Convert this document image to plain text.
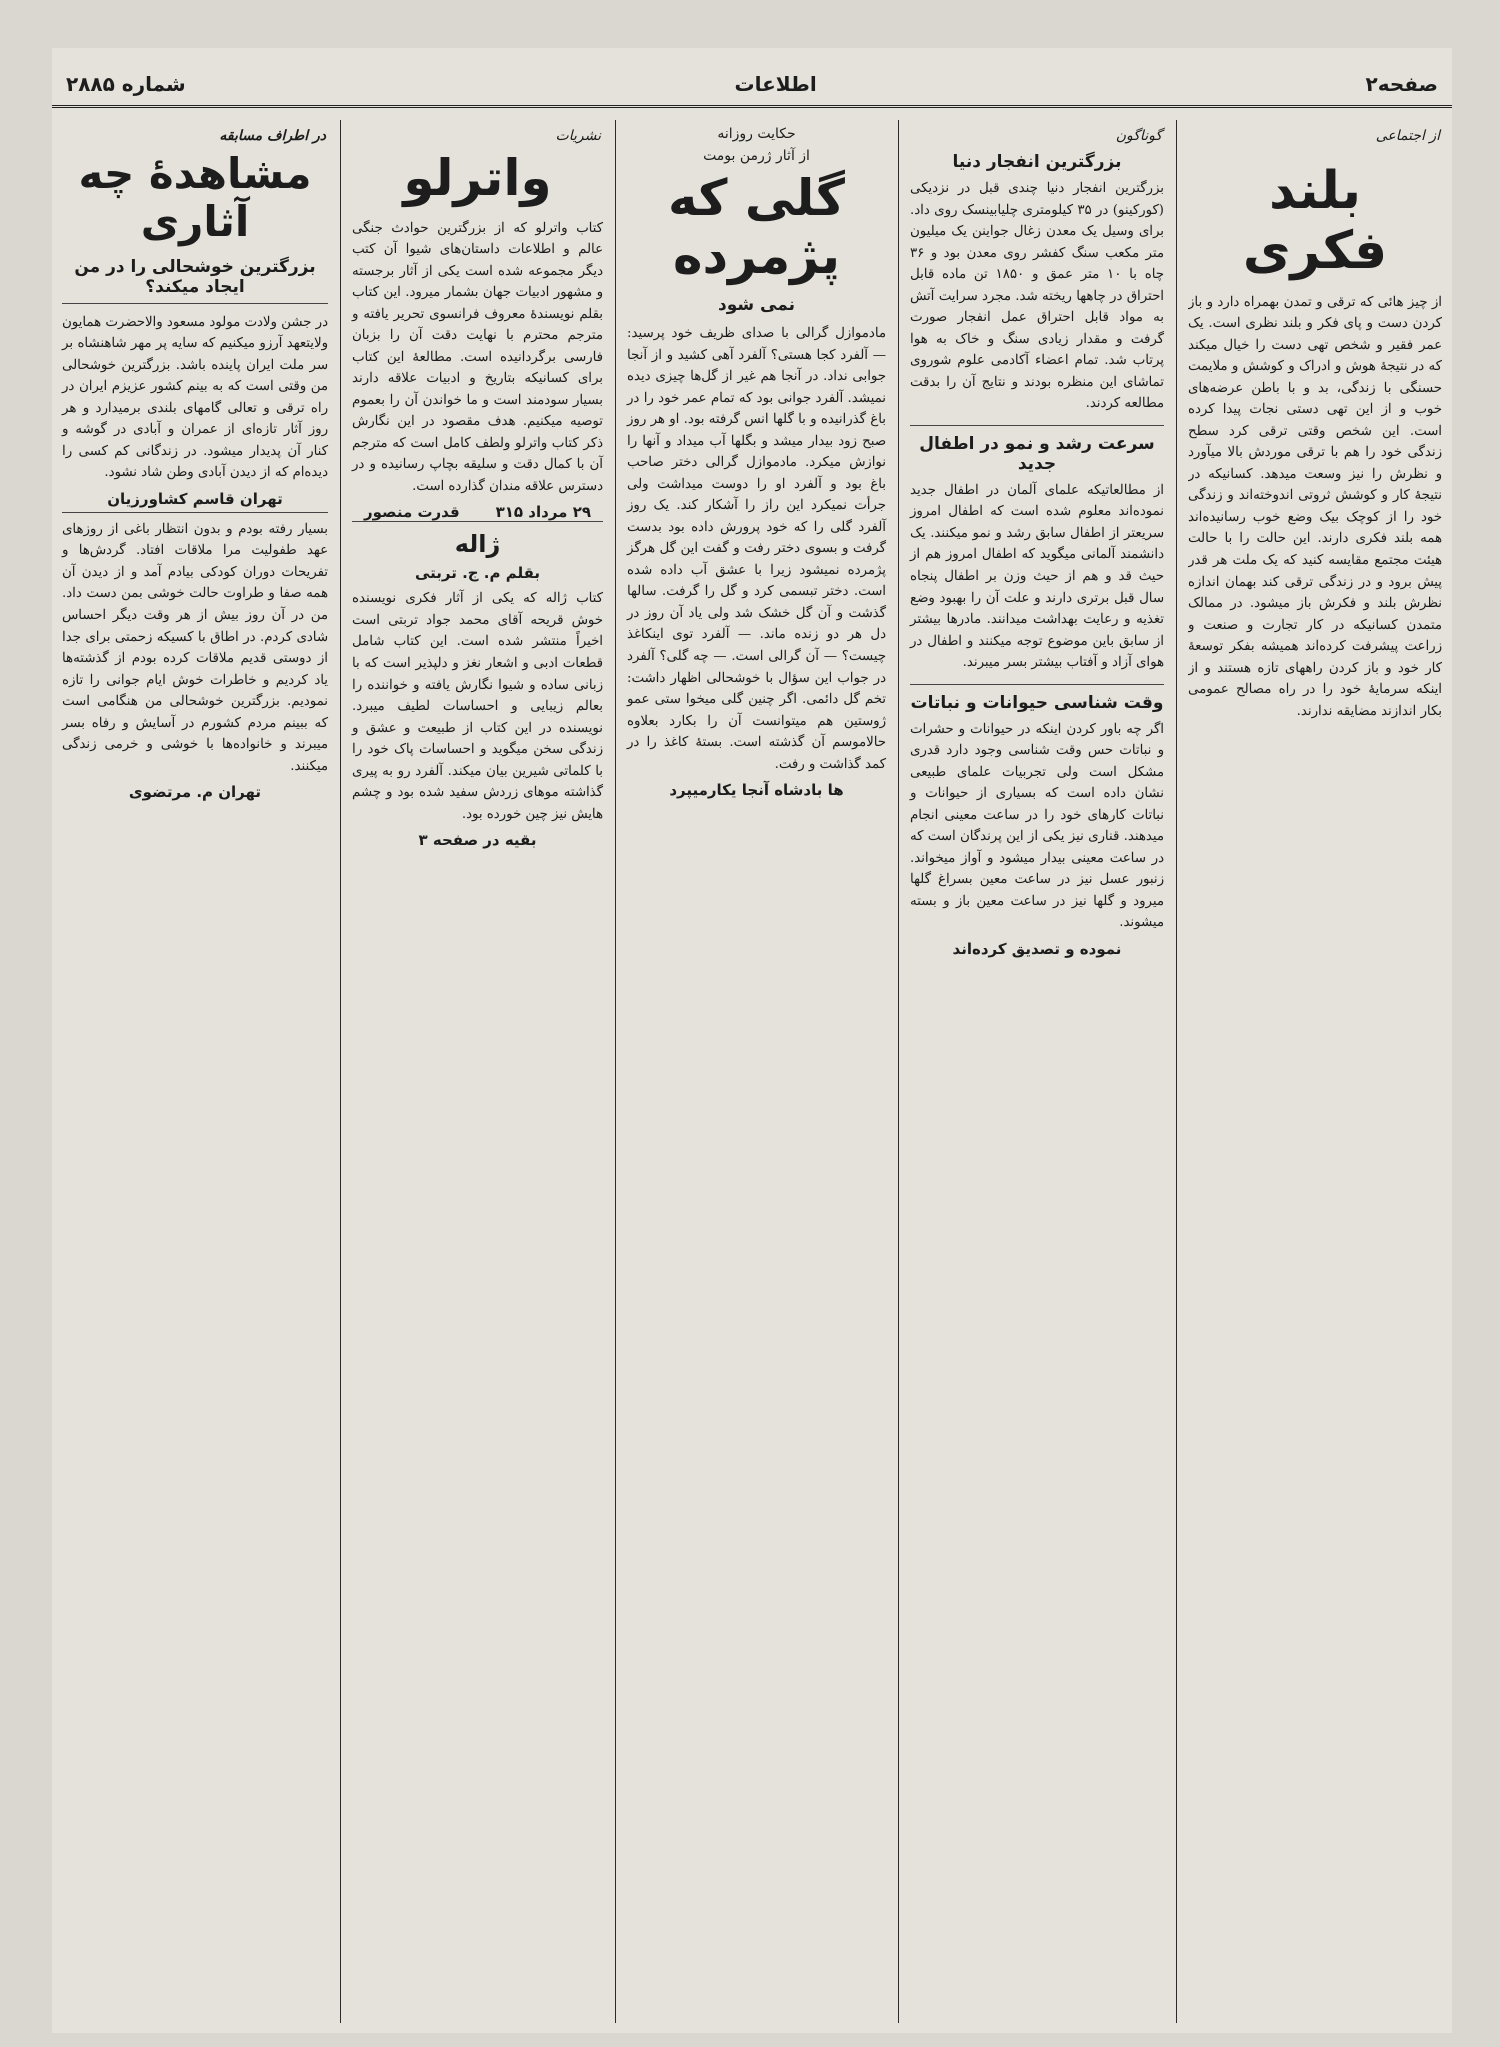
صفحه۲
اطلاعات
شماره ۲۸۸۵
از اجتماعی
بلند فکری
از چیز هائی که ترقی و تمدن بهمراه دارد و باز کردن دست و پای فکر و بلند نظری است. یک عمر فقیر و شخص تهی دست را خیال میکند که در نتیجهٔ هوش و ادراک و کوشش و ملایمت حسنگی با زندگی، بد و با باطن عرضه‌های خوب و از این تهی دستی نجات پیدا کرده است. این شخص وقتی ترقی کرد سطح زندگی خود را هم با ترقی موردش بالا میآورد و نظرش را نیز وسعت میدهد. کسانیکه در نتیجهٔ کار و کوشش ثروتی اندوخته‌اند و زندگی خود را از کوچک بیک وضع خوب رسانیده‌اند همه بلند فکری دارند. این حالت را با حالت هیئت مجتمع مقایسه کنید که یک ملت هر قدر پیش برود و در زندگی ترقی کند بهمان اندازه نظرش بلند و فکرش باز میشود. در ممالک متمدن کسانیکه در کار تجارت و صنعت و زراعت پیشرفت کرده‌اند همیشه بفکر توسعهٔ کار خود و باز کردن راههای تازه هستند و از اینکه سرمایهٔ خود را در راه مصالح عمومی بکار اندازند مضایقه ندارند.
گوناگون
بزرگترین انفجار دنیا
بزرگترین انفجار دنیا چندی قبل در نزدیکی (کورکینو) در ۳۵ کیلومتری چلیابینسک روی داد. برای وسیل یک معدن زغال جواینن یک میلیون متر مکعب سنگ کفشر روی معدن بود و ۳۶ چاه با ۱۰ متر عمق و ۱۸۵۰ تن ماده قابل احتراق در چاهها ریخته شد. مجرد سرایت آتش به مواد قابل احتراق عمل انفجار صورت گرفت و مقدار زیادی سنگ و خاک به هوا پرتاب شد. تمام اعضاء آکادمی علوم شوروی تماشای این منظره بودند و نتایج آن را بدقت مطالعه کردند.
سرعت رشد و نمو در اطفال جدید
از مطالعاتیکه علمای آلمان در اطفال جدید نموده‌اند معلوم شده است که اطفال امروز سریعتر از اطفال سابق رشد و نمو میکنند. یک دانشمند آلمانی میگوید که اطفال امروز هم از حیث قد و هم از حیث وزن بر اطفال پنجاه سال قبل برتری دارند و علت آن را بهبود وضع تغذیه و رعایت بهداشت میدانند. مادرها بیشتر از سابق باین موضوع توجه میکنند و اطفال در هوای آزاد و آفتاب بیشتر بسر میبرند.
وقت شناسی حیوانات و نباتات
اگر چه باور کردن اینکه در حیوانات و حشرات و نباتات حس وقت شناسی وجود دارد قدری مشکل است ولی تجربیات علمای طبیعی نشان داده است که بسیاری از حیوانات و نباتات کارهای خود را در ساعت معینی انجام میدهند. قناری نیز یکی از این پرندگان است که در ساعت معینی بیدار میشود و آواز میخواند. زنبور عسل نیز در ساعت معین بسراغ گلها میرود و گلها نیز در ساعت معین باز و بسته میشوند.
نموده و تصدیق کرده‌اند
حکایت روزانه
از آثار ژرمن بومت
گلی که پژمرده
نمی شود
مادموازل گرالی با صدای ظریف خود پرسید: — آلفرد کجا هستی؟ آلفرد آهی کشید و از آنجا جوابی نداد. در آنجا هم غیر از گل‌ها چیزی دیده نمیشد. آلفرد جوانی بود که تمام عمر خود را در باغ گذرانیده و با گلها انس گرفته بود. او هر روز صبح زود بیدار میشد و بگلها آب میداد و آنها را نوازش میکرد. مادموازل گرالی دختر صاحب باغ بود و آلفرد او را دوست میداشت ولی جرأت نمیکرد این راز را آشکار کند. یک روز آلفرد گلی را که خود پرورش داده بود بدست گرفت و بسوی دختر رفت و گفت این گل هرگز پژمرده نمیشود زیرا با عشق آب داده شده است. دختر تبسمی کرد و گل را گرفت. سالها گذشت و آن گل خشک شد ولی یاد آن روز در دل هر دو زنده ماند. — آلفرد توی اینکاغذ چیست؟ — آن گرالی است. — چه گلی؟ آلفرد در جواب این سؤال با خوشحالی اظهار داشت: تخم گل دائمی. اگر چنین گلی میخوا ستی عمو ژوستین هم میتوانست آن را بکارد بعلاوه حالاموسم آن گذشته است. بستهٔ کاغذ را در کمد گذاشت و رفت.
ها بادشاه آنجا یکارمیپرد
نشریات
واترلو
کتاب واترلو که از بزرگترین حوادث جنگی عالم و اطلاعات داستان‌های شیوا آن کتب دیگر مجموعه شده است یکی از آثار برجسته و مشهور ادبیات جهان بشمار میرود. این کتاب بقلم نویسندهٔ معروف فرانسوی تحریر یافته و مترجم محترم با نهایت دقت آن را بزبان فارسی برگردانیده است. مطالعهٔ این کتاب برای کسانیکه بتاریخ و ادبیات علاقه دارند بسیار سودمند است و ما خواندن آن را بعموم توصیه میکنیم. هدف مقصود در این نگارش ذکر کتاب واترلو ولطف کامل است که مترجم آن با کمال دقت و سلیقه بچاپ رسانیده و در دسترس علاقه مندان گذارده است.
۲۹ مرداد ۳۱۵
قدرت منصور
ژاله
بقلم م. ج. تربتی
کتاب ژاله که یکی از آثار فکری نویسنده خوش قریحه آقای محمد جواد تربتی است اخیراً منتشر شده است. این کتاب شامل قطعات ادبی و اشعار نغز و دلپذیر است که با زبانی ساده و شیوا نگارش یافته و خواننده را بعالم زیبایی و احساسات لطیف میبرد. نویسنده در این کتاب از طبیعت و عشق و زندگی سخن میگوید و احساسات پاک خود را با کلماتی شیرین بیان میکند. آلفرد رو به پیری گذاشته موهای زردش سفید شده بود و چشم هایش نیز چین خورده بود.
بقیه در صفحه ۳
در اطراف مسابقه
مشاهدهٔ چه آثاری
بزرگترین خوشحالی را در من ایجاد میکند؟
در جشن ولادت مولود مسعود والاحضرت همایون ولایتعهد آرزو میکنیم که سایه پر مهر شاهنشاه بر سر ملت ایران پاینده باشد. بزرگترین خوشحالی من وقتی است که به بینم کشور عزیزم ایران در راه ترقی و تعالی گامهای بلندی برمیدارد و هر روز آثار تازه‌ای از عمران و آبادی در گوشه و کنار آن پدیدار میشود. در زندگانی کم کسی را دیده‌ام که از دیدن آبادی وطن شاد نشود.
تهران قاسم کشاورزیان
بسیار رفته بودم و بدون انتظار باغی از روزهای عهد طفولیت مرا ملاقات افتاد. گردش‌ها و تفریحات دوران کودکی بیادم آمد و از دیدن آن همه صفا و طراوت حالت خوشی بمن دست داد. من در آن روز بیش از هر وقت دیگر احساس شادی کردم. در اطاق با کسیکه زحمتی برای جدا از دوستی قدیم ملاقات کرده بودم از گذشته‌ها یاد کردیم و خاطرات خوش ایام جوانی را تازه نمودیم. بزرگترین خوشحالی من هنگامی است که ببینم مردم کشورم در آسایش و رفاه بسر میبرند و خانواده‌ها با خوشی و خرمی زندگی میکنند.
تهران م. مرتضوی
